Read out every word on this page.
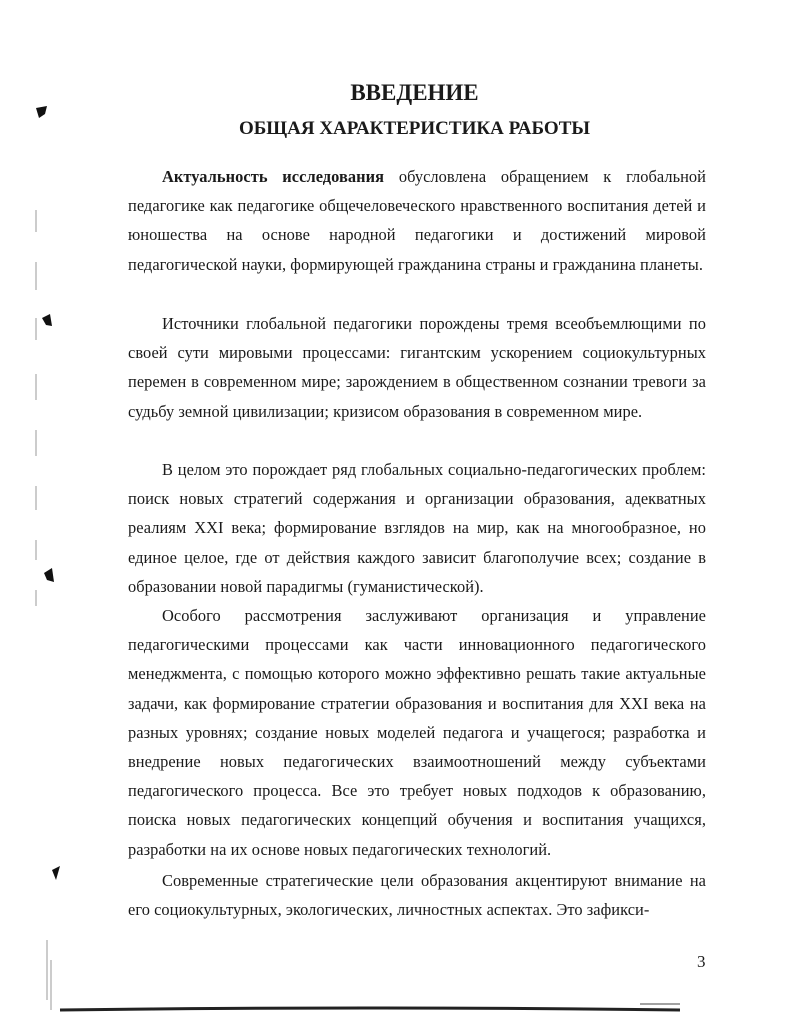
ВВЕДЕНИЕ
ОБЩАЯ ХАРАКТЕРИСТИКА РАБОТЫ

Актуальность исследования обусловлена обращением к глобальной педагогике как педагогике общечеловеческого нравственного воспитания детей и юношества на основе народной педагогики и достижений мировой педагогической науки, формирующей гражданина страны и гражданина планеты.

Источники глобальной педагогики порождены тремя всеобъемлющими по своей сути мировыми процессами: гигантским ускорением социокультурных перемен в современном мире; зарождением в общественном сознании тревоги за судьбу земной цивилизации; кризисом образования в современном мире.

В целом это порождает ряд глобальных социально-педагогических проблем: поиск новых стратегий содержания и организации образования, адекватных реалиям XXI века; формирование взглядов на мир, как на многообразное, но единое целое, где от действия каждого зависит благополучие всех; создание в образовании новой парадигмы (гуманистической).

Особого рассмотрения заслуживают организация и управление педагогическими процессами как части инновационного педагогического менеджмента, с помощью которого можно эффективно решать такие актуальные задачи, как формирование стратегии образования и воспитания для XXI века на разных уровнях; создание новых моделей педагога и учащегося; разработка и внедрение новых педагогических взаимоотношений между субъектами педагогического процесса. Все это требует новых подходов к образованию, поиска новых педагогических концепций обучения и воспитания учащихся, разработки на их основе новых педагогических технологий.

Современные стратегические цели образования акцентируют внимание на его социокультурных, экологических, личностных аспектах. Это зафикси-

3
